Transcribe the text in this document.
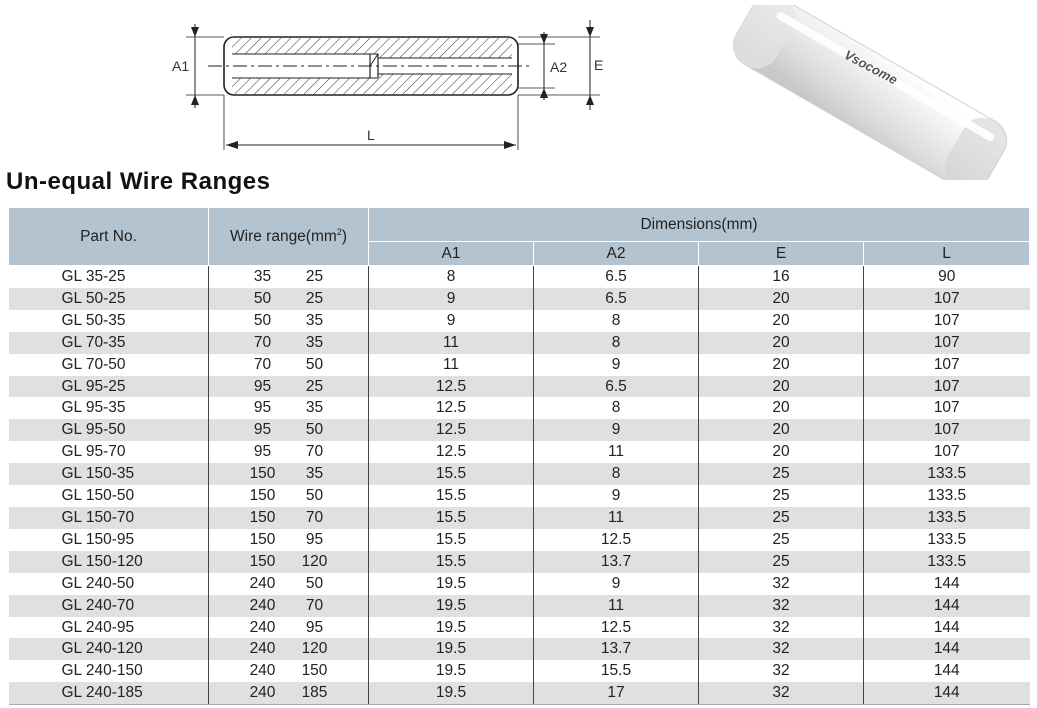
A1	A2 E
L
Vsocome
Un-equal Wire Ranges
Part No.	Wire $range(mm^2)$	Dimensions(mm)			
		A1	A2	E	L
GL 35-25	35 25	8	6.5	16	90
GL 50-25	50 25	9	6.5	20	107
GL 50-35	50 35	9	8	20	107
GL 70-35	70 35	11	8	20	107
GL 70-50	70 50	11	9	20	107
GL 95-25	95 25	12.5	6.5	20	107
GL 95-35	95 35	12.5	8	20	107
GL 95-50	95 50	12.5	9	20	107
GL 95-70	95 70	12.5	11	20	107
GL 150-35	150 35	15.5	8	25	133.5
GL 150-50	150 50	15.5	9	25	133.5
GL 150-70	150 70	15.5	11	25	133.5
GL 150-95	150 95	15.5	12.5	25	133.5
GL 150-120	150 120	15.5	13.7	25	133.5
GL 240-50	240 50	19.5	9	32	144
GL 240-70	240 70	19.5	11	32	144
GL 240-95	240 95	19.5	12.5	32	144
GL 240-120	240 120	19.5	13.7	32	144
GL 240-150	240 150	19.5	15.5	32	144
GL 240-185	240 185	19.5	17	32	144
